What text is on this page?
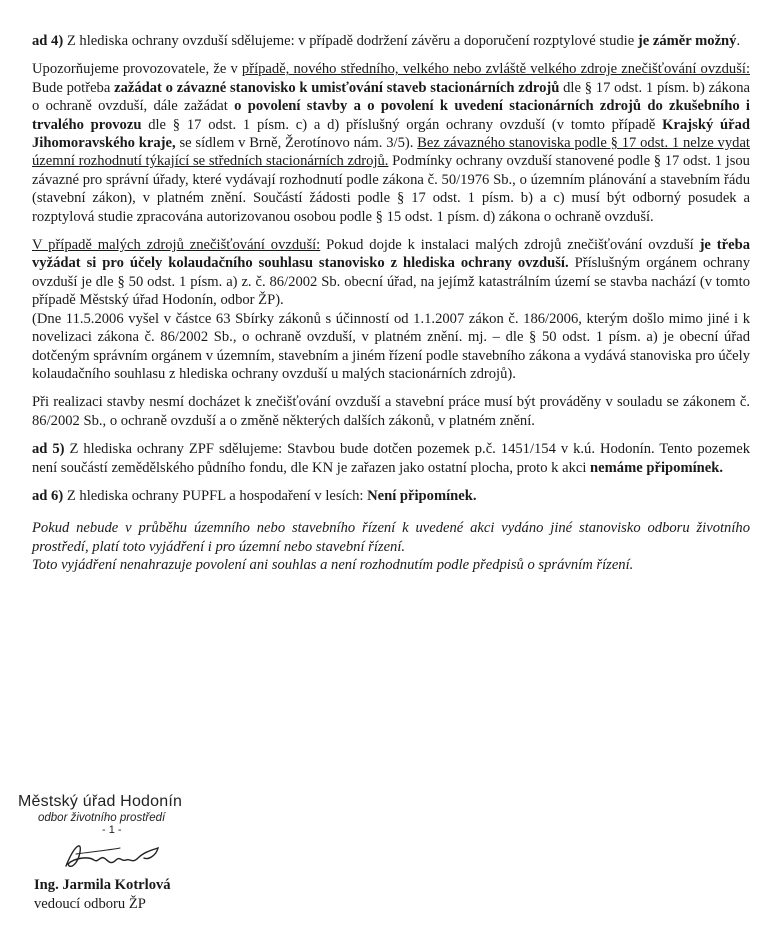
ad 4) Z hlediska ochrany ovzduší sdělujeme: v případě dodržení závěru a doporučení rozptylové studie je záměr možný.

Upozorňujeme provozovatele, že v případě, nového středního, velkého nebo zvláště velkého zdroje znečišťování ovzduší: Bude potřeba zažádat o závazné stanovisko k umisťování staveb stacionárních zdrojů dle § 17 odst. 1 písm. b) zákona o ochraně ovzduší, dále zažádat o povolení stavby a o povolení k uvedení stacionárních zdrojů do zkušebního i trvalého provozu dle § 17 odst. 1 písm. c) a d) příslušný orgán ochrany ovzduší (v tomto případě Krajský úřad Jihomoravského kraje, se sídlem v Brně, Žerotínovo nám. 3/5). Bez závazného stanoviska podle § 17 odst. 1 nelze vydat územní rozhodnutí týkající se středních stacionárních zdrojů. Podmínky ochrany ovzduší stanovené podle § 17 odst. 1 jsou závazné pro správní úřady, které vydávají rozhodnutí podle zákona č. 50/1976 Sb., o územním plánování a stavebním řádu (stavební zákon), v platném znění. Součástí žádosti podle § 17 odst. 1 písm. b) a c) musí být odborný posudek a rozptylová studie zpracována autorizovanou osobou podle § 15 odst. 1 písm. d) zákona o ochraně ovzduší.

V případě malých zdrojů znečišťování ovzduší: Pokud dojde k instalaci malých zdrojů znečišťování ovzduší je třeba vyžádat si pro účely kolaudačního souhlasu stanovisko z hlediska ochrany ovzduší. Příslušným orgánem ochrany ovzduší je dle § 50 odst. 1 písm. a) z. č. 86/2002 Sb. obecní úřad, na jejímž katastrálním území se stavba nachází (v tomto případě Městský úřad Hodonín, odbor ŽP).

(Dne 11.5.2006 vyšel v částce 63 Sbírky zákonů s účinností od 1.1.2007 zákon č. 186/2006, kterým došlo mimo jiné i k novelizaci zákona č. 86/2002 Sb., o ochraně ovzduší, v platném znění. mj. – dle § 50 odst. 1 písm. a) je obecní úřad dotčeným správním orgánem v územním, stavebním a jiném řízení podle stavebního zákona a vydává stanoviska pro účely kolaudačního souhlasu z hlediska ochrany ovzduší u malých stacionárních zdrojů).

Při realizaci stavby nesmí docházet k znečišťování ovzduší a stavební práce musí být prováděny v souladu se zákonem č. 86/2002 Sb., o ochraně ovzduší a o změně některých dalších zákonů, v platném znění.

ad 5) Z hlediska ochrany ZPF sdělujeme: Stavbou bude dotčen pozemek p.č. 1451/154 v k.ú. Hodonín. Tento pozemek není součástí zemědělského půdního fondu, dle KN je zařazen jako ostatní plocha, proto k akci nemáme připomínek.

ad 6) Z hlediska ochrany PUPFL a hospodaření v lesích: Není připomínek.

Pokud nebude v průběhu územního nebo stavebního řízení k uvedené akci vydáno jiné stanovisko odboru životního prostředí, platí toto vyjádření i pro územní nebo stavební řízení.

Toto vyjádření nenahrazuje povolení ani souhlas a není rozhodnutím podle předpisů o správním řízení.

Městský úřad Hodonín
odbor životního prostředí
- 1 -
Ing. Jarmila Kotrlová
vedoucí odboru ŽP
